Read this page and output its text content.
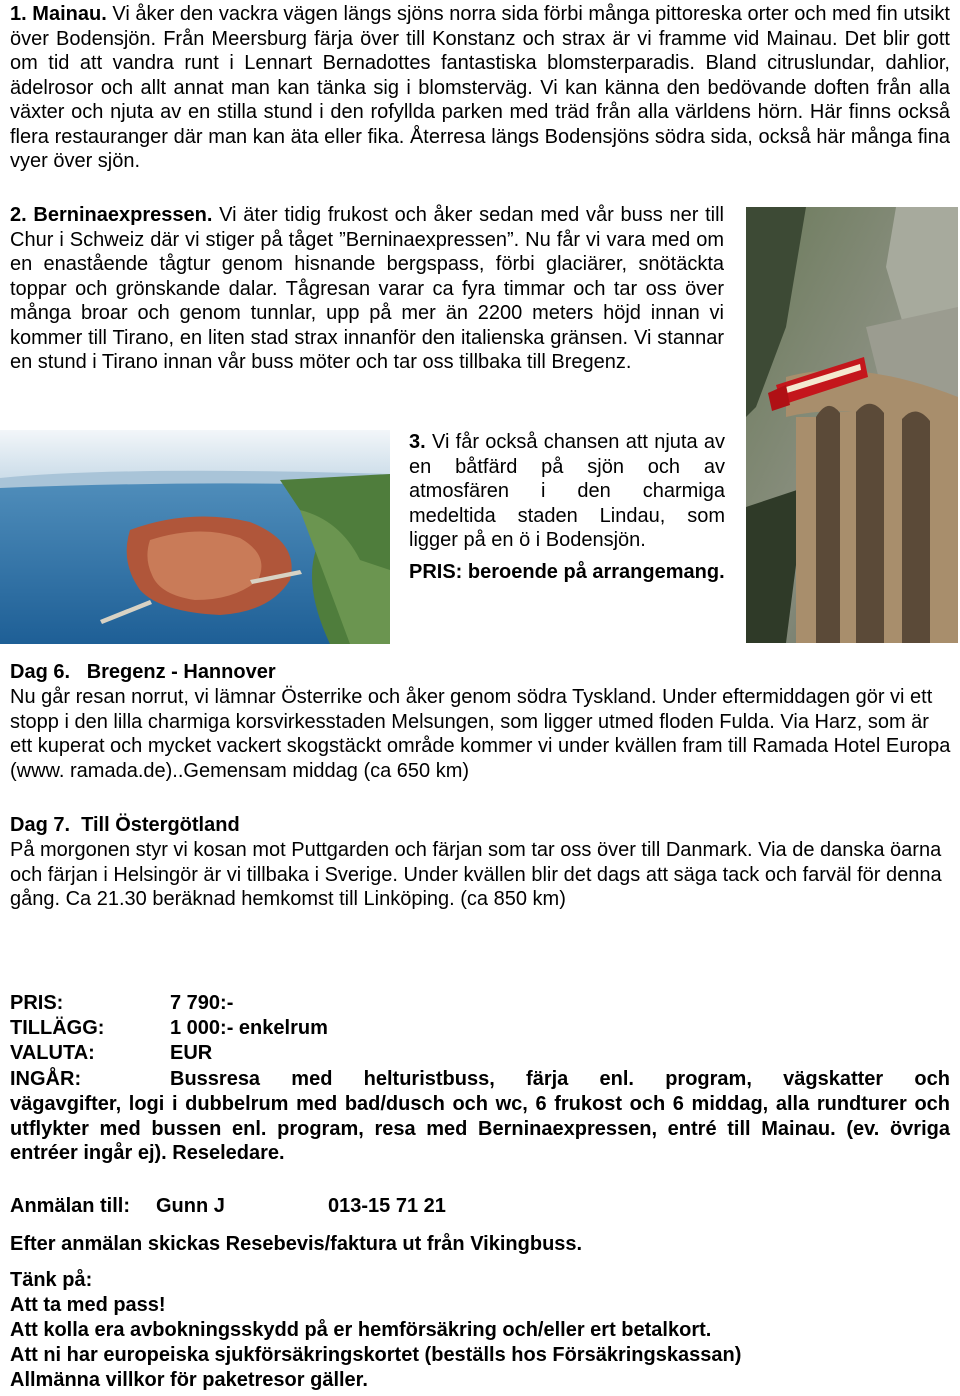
1. Mainau. Vi åker den vackra vägen längs sjöns norra sida förbi många pittoreska orter och med fin utsikt över Bodensjön. Från Meersburg färja över till Konstanz och strax är vi framme vid Mainau. Det blir gott om tid att vandra runt i Lennart Bernadottes fantastiska blomsterparadis. Bland citruslundar, dahlior, ädelrosor och allt annat man kan tänka sig i blomsterväg. Vi kan känna den bedövande doften från alla växter och njuta av en stilla stund i den rofyllda parken med träd från alla världens hörn. Här finns också flera restauranger där man kan äta eller fika. Återresa längs Bodensjöns södra sida, också här många fina vyer över sjön.

2. Berninaexpressen. Vi äter tidig frukost och åker sedan med vår buss ner till Chur i Schweiz där vi stiger på tåget ”Berninaexpressen”. Nu får vi vara med om en enastående tågtur genom hisnande bergspass, förbi glaciärer, snötäckta toppar och grönskande dalar. Tågresan varar ca fyra timmar och tar oss över många broar och genom tunnlar, upp på mer än 2200 meters höjd innan vi kommer till Tirano, en liten stad strax innanför den italienska gränsen. Vi stannar en stund i Tirano innan vår buss möter och tar oss tillbaka till Bregenz.

3. Vi får också chansen att njuta av en båtfärd på sjön och av atmosfären i den charmiga medeltida staden Lindau, som ligger på en ö i Bodensjön.

PRIS: beroende på arrangemang.

Dag 6.   Bregenz - Hannover

Nu går resan norrut, vi lämnar Österrike och åker genom södra Tyskland. Under eftermiddagen gör vi ett stopp i den lilla charmiga korsvirkesstaden Melsungen, som ligger utmed floden Fulda. Via Harz, som är ett kuperat och mycket vackert skogstäckt område kommer vi under kvällen fram till Ramada Hotel Europa (www. ramada.de)..Gemensam middag (ca 650 km)

Dag 7.  Till Östergötland

På morgonen styr vi kosan mot Puttgarden och färjan som tar oss över till Danmark. Via de danska öarna och färjan i Helsingör är vi tillbaka i Sverige. Under kvällen blir det dags att säga tack och farväl för denna gång. Ca 21.30 beräknad hemkomst till Linköping. (ca 850 km)

PRIS:	7 790:-
TILLÄGG:	1 000:- enkelrum
VALUTA:	EUR
INGÅR:	Bussresa med helturistbuss, färja enl. program, vägskatter och

vägavgifter, logi i dubbelrum med bad/dusch och wc, 6 frukost och 6 middag, alla rundturer och utflykter med bussen enl. program, resa med Berninaexpressen, entré till Mainau. (ev. övriga entréer ingår ej). Reseledare.

Anmälan till: Gunn J	013-15 71 21

Efter anmälan skickas Resebevis/faktura ut från Vikingbuss.

Tänk på:

Att ta med pass!

Att kolla era avbokningsskydd på er hemförsäkring och/eller ert betalkort.

Att ni har europeiska sjukförsäkringskortet (beställs hos Försäkringskassan)

Allmänna villkor för paketresor gäller.
